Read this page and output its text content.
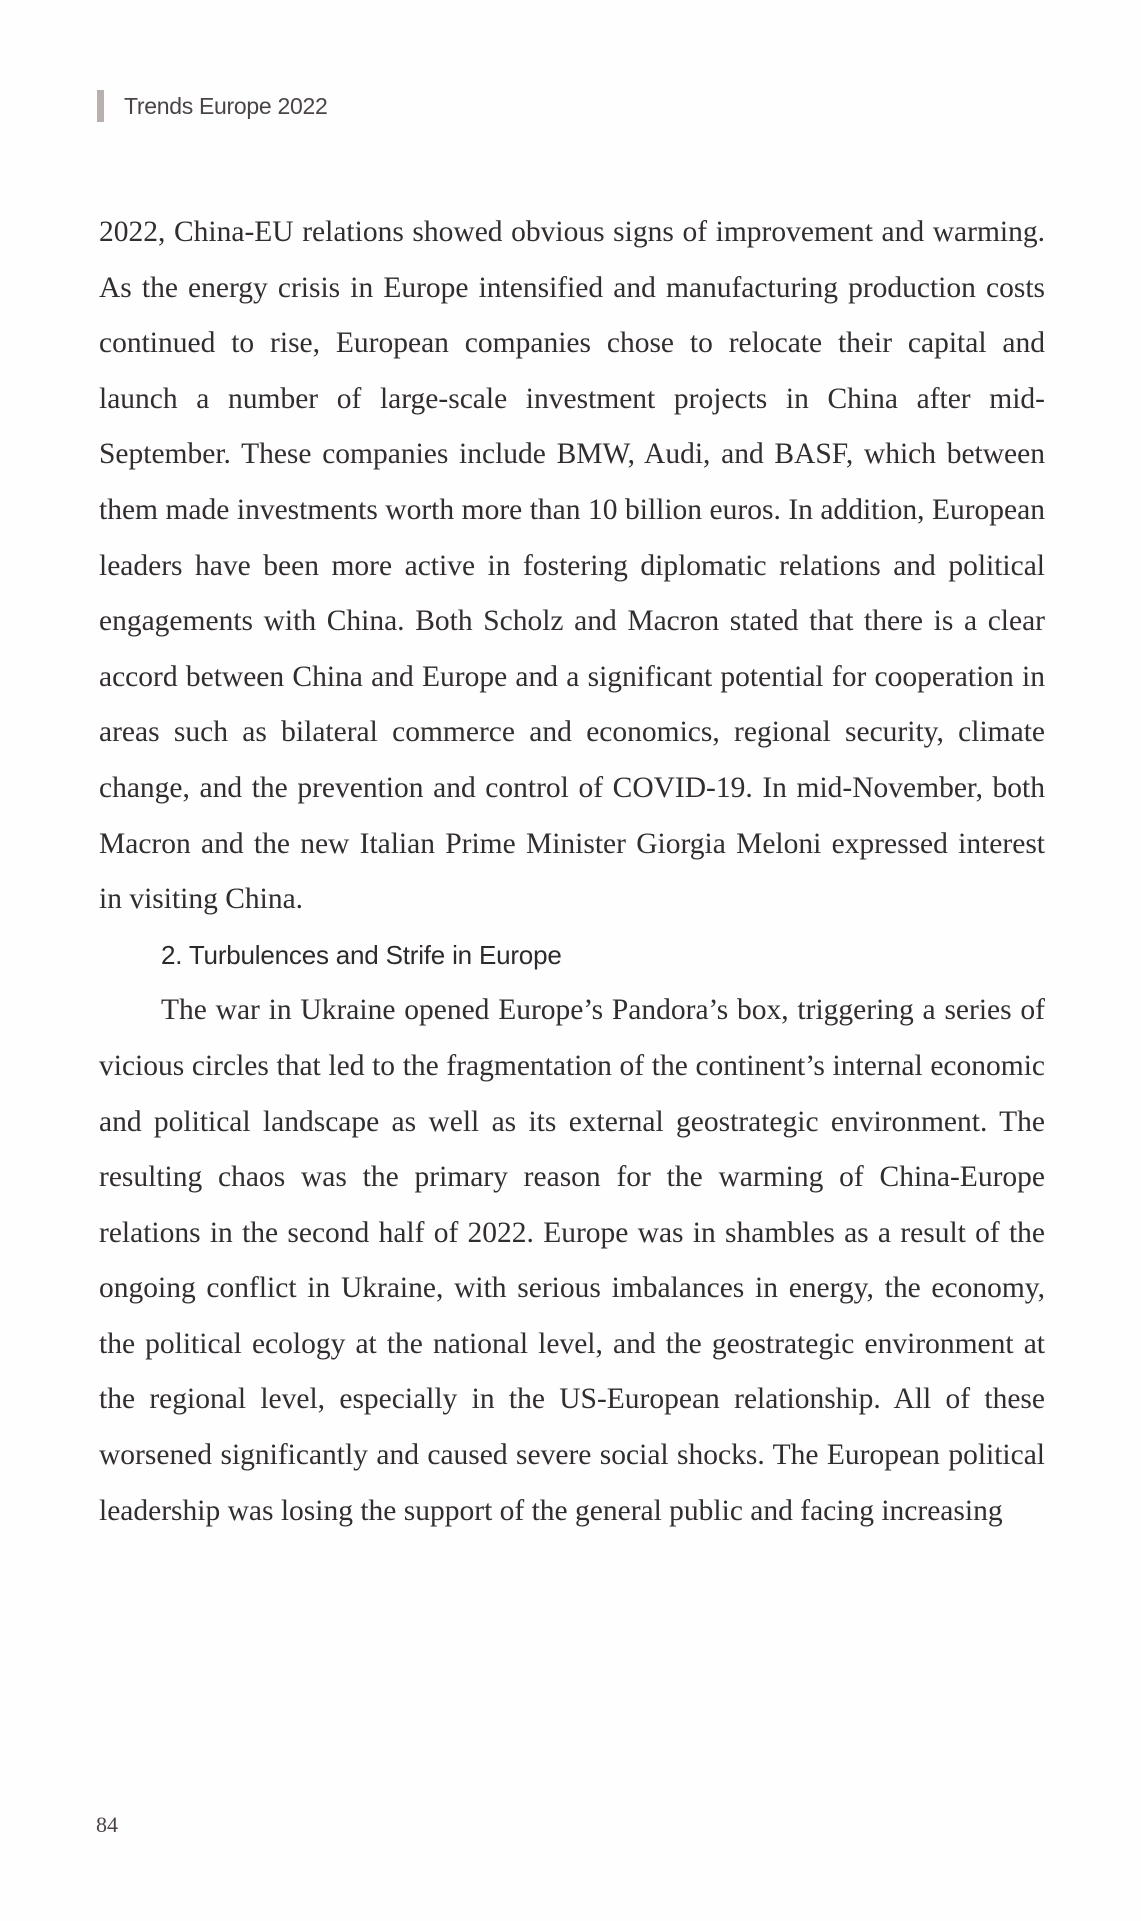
Trends Europe 2022

2022, China-EU relations showed obvious signs of improvement and warming. As the energy crisis in Europe intensified and manufacturing production costs continued to rise, European companies chose to relocate their capital and launch a number of large-scale investment projects in China after mid-September. These companies include BMW, Audi, and BASF, which between them made investments worth more than 10 billion euros. In addition, European leaders have been more active in fostering diplomatic relations and political engagements with China. Both Scholz and Macron stated that there is a clear accord between China and Europe and a significant potential for cooperation in areas such as bilateral commerce and economics, regional security, climate change, and the prevention and control of COVID-19. In mid-November, both Macron and the new Italian Prime Minister Giorgia Meloni expressed interest in visiting China.

2. Turbulences and Strife in Europe

The war in Ukraine opened Europe’s Pandora’s box, triggering a series of vicious circles that led to the fragmentation of the continent’s internal economic and political landscape as well as its external geostrategic environment. The resulting chaos was the primary reason for the warming of China-Europe relations in the second half of 2022. Europe was in shambles as a result of the ongoing conflict in Ukraine, with serious imbalances in energy, the economy, the political ecology at the national level, and the geostrategic environment at the regional level, especially in the US-European relationship. All of these worsened significantly and caused severe social shocks. The European political leadership was losing the support of the general public and facing increasing

84
